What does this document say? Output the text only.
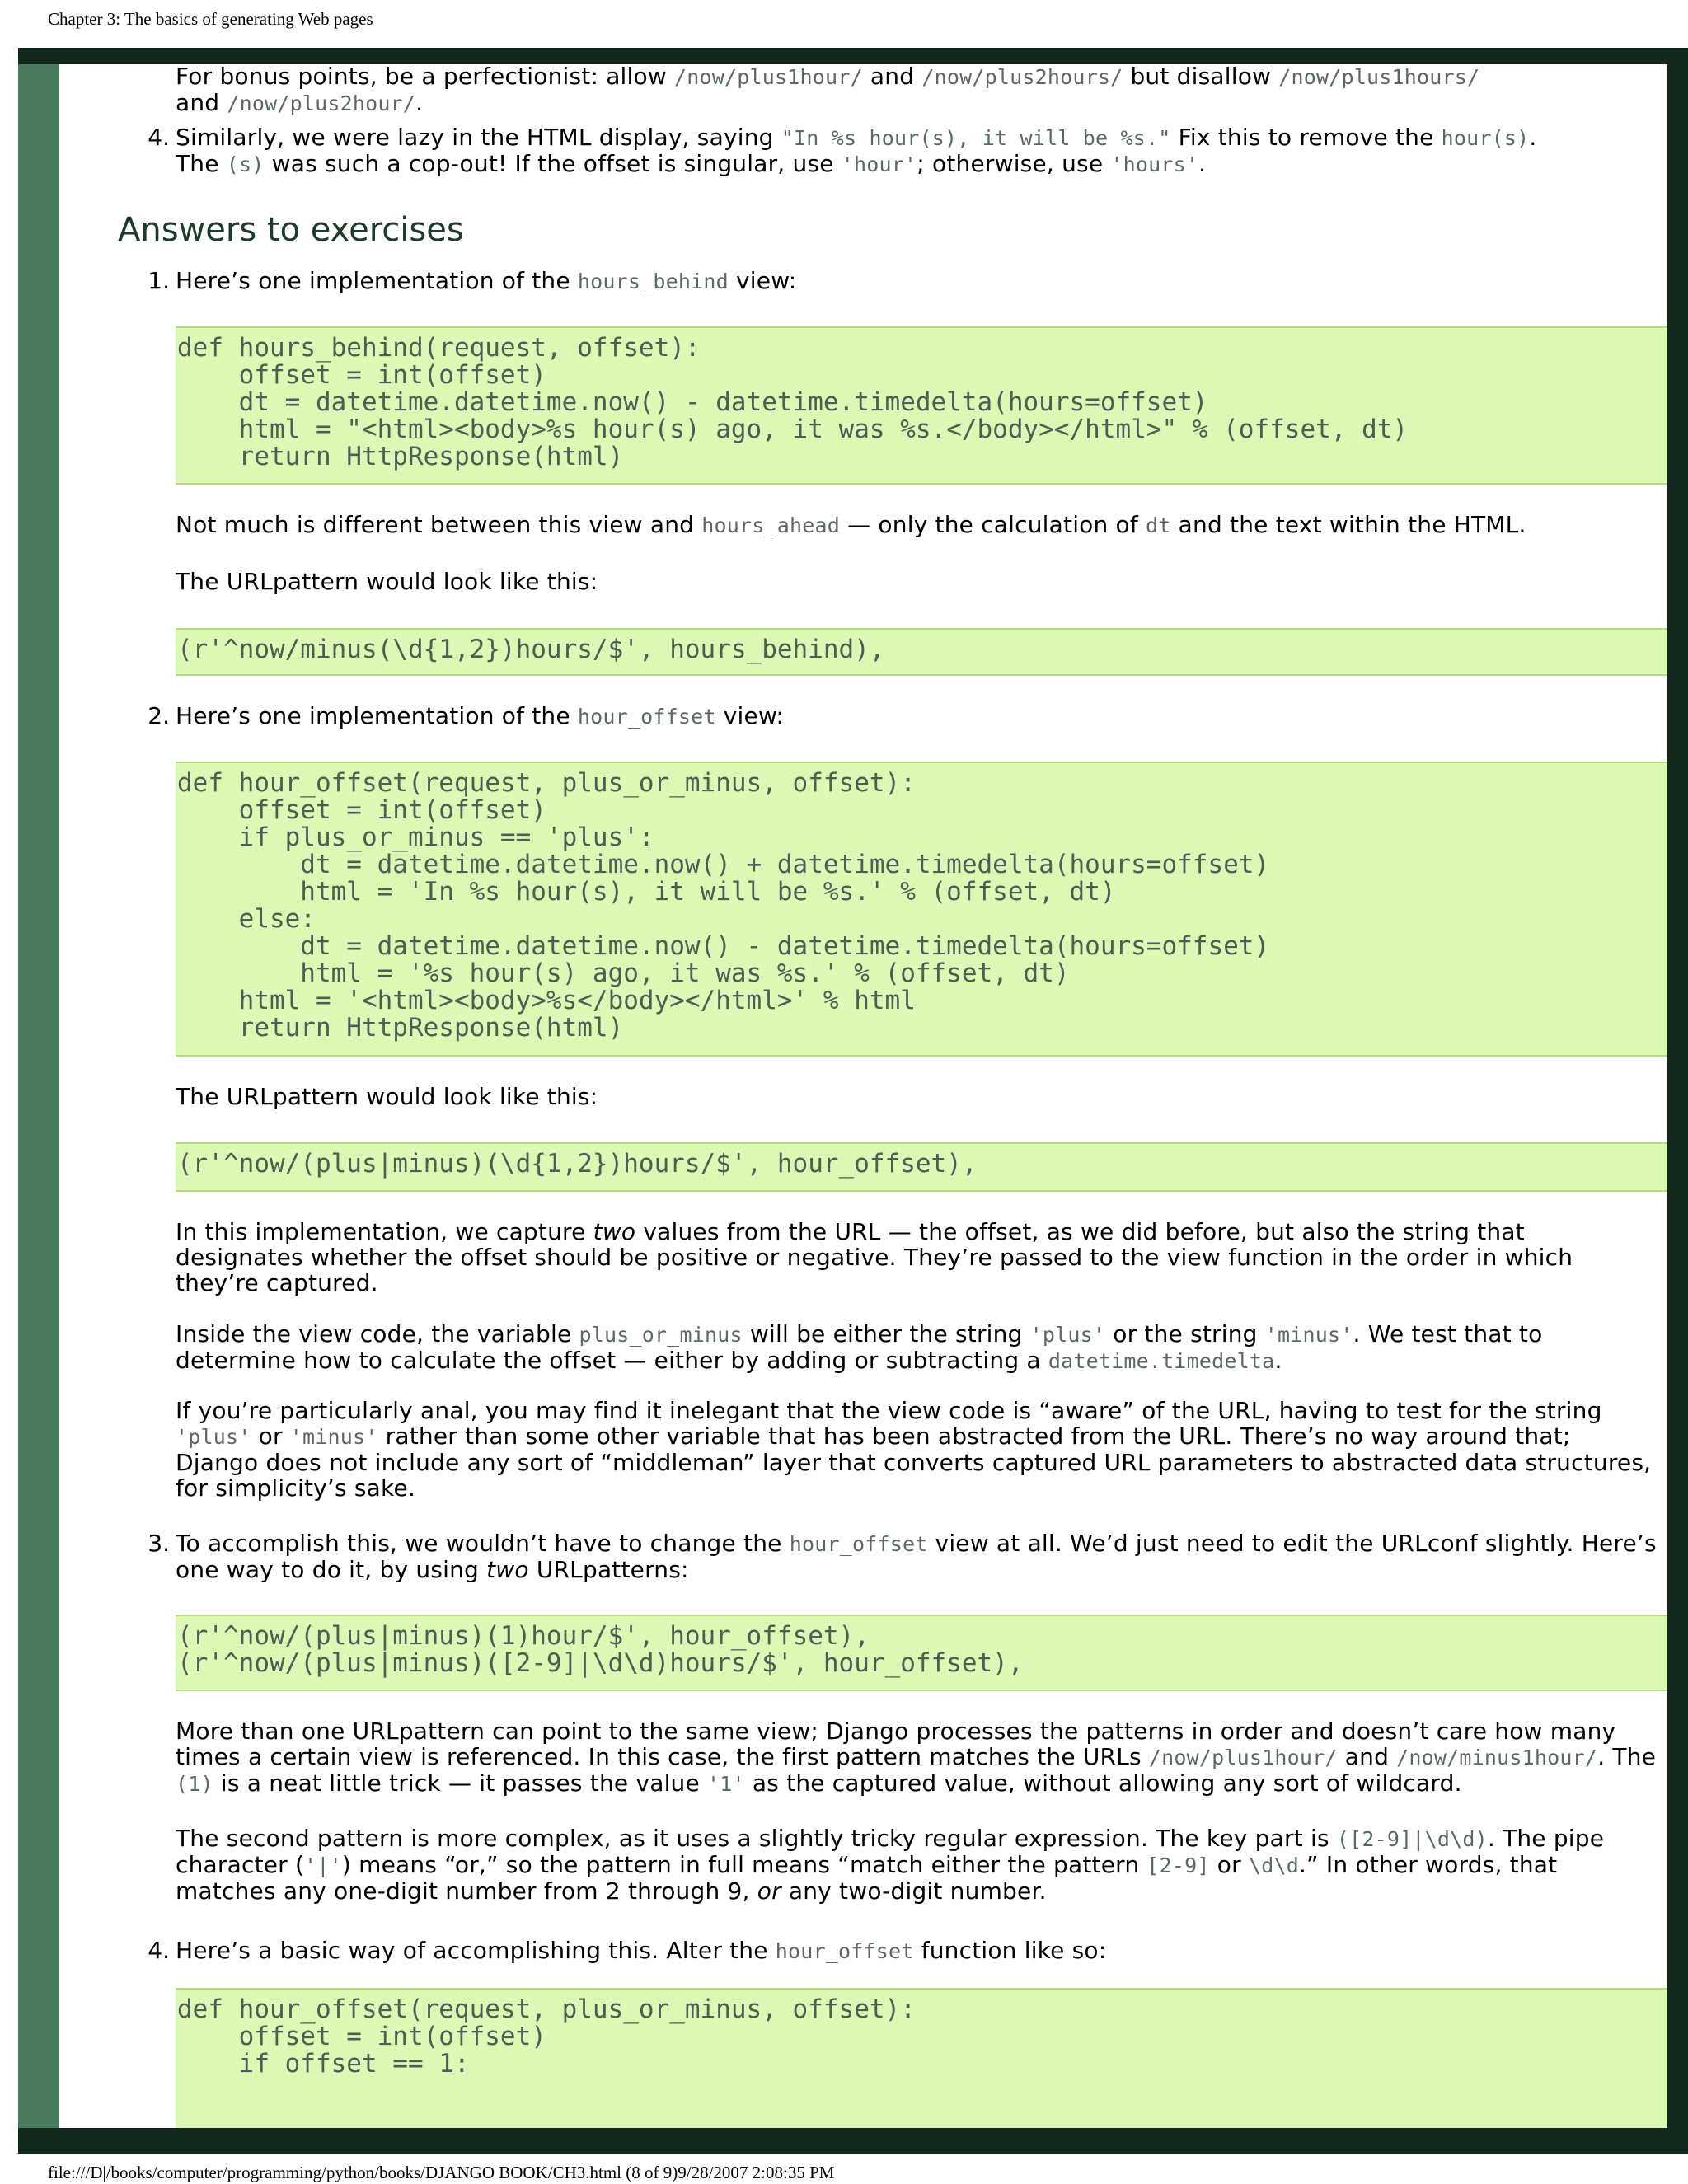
Chapter 3: The basics of generating Web pages
For bonus points, be a perfectionist: allow /now/plus1hour/ and /now/plus2hours/ but disallow /now/plus1hours/
and /now/plus2hour/.
4. Similarly, we were lazy in the HTML display, saying "In %s hour(s), it will be %s." Fix this to remove the hour(s).
The (s) was such a cop-out! If the offset is singular, use 'hour'; otherwise, use 'hours'.
Answers to exercises
1. Here’s one implementation of the hours_behind view:
def hours_behind(request, offset):
offset = int(offset)
dt = datetime.datetime.now() - datetime.timedelta(hours=offset)
html = "<html><body>%s hour(s) ago, it was %s.</body></html>" % (offset, dt)
return HttpResponse(html)
Not much is different between this view and hours_ahead — only the calculation of dt and the text within the HTML.
The URLpattern would look like this:
(r'^now/minus(\d{1,2})hours/$', hours_behind),
2. Here’s one implementation of the hour_offset view:
def hour_offset(request, plus_or_minus, offset):
offset = int(offset)
if plus_or_minus == 'plus':
dt = datetime.datetime.now() + datetime.timedelta(hours=offset)
html = 'In %s hour(s), it will be %s.' % (offset, dt)
else:
dt = datetime.datetime.now() - datetime.timedelta(hours=offset)
html = '%s hour(s) ago, it was %s.' % (offset, dt)
html = '<html><body>%s</body></html>' % html
return HttpResponse(html)
The URLpattern would look like this:
(r'^now/(plus|minus)(\d{1,2})hours/$', hour_offset),
In this implementation, we capture two values from the URL — the offset, as we did before, but also the string that designates whether the offset should be positive or negative. They’re passed to the view function in the order in which they’re captured.
Inside the view code, the variable plus_or_minus will be either the string 'plus' or the string 'minus'. We test that to determine how to calculate the offset — either by adding or subtracting a datetime.timedelta.
If you’re particularly anal, you may find it inelegant that the view code is “aware” of the URL, having to test for the string 'plus' or 'minus' rather than some other variable that has been abstracted from the URL. There’s no way around that; Django does not include any sort of “middleman” layer that converts captured URL parameters to abstracted data structures, for simplicity’s sake.
3. To accomplish this, we wouldn’t have to change the hour_offset view at all. We’d just need to edit the URLconf slightly. Here’s one way to do it, by using two URLpatterns:
(r'^now/(plus|minus)(1)hour/$', hour_offset),
(r'^now/(plus|minus)([2-9]|\d\d)hours/$', hour_offset),
More than one URLpattern can point to the same view; Django processes the patterns in order and doesn’t care how many times a certain view is referenced. In this case, the first pattern matches the URLs /now/plus1hour/ and /now/minus1hour/. The (1) is a neat little trick — it passes the value '1' as the captured value, without allowing any sort of wildcard.
The second pattern is more complex, as it uses a slightly tricky regular expression. The key part is ([2-9]|\d\d). The pipe character ('|') means “or,” so the pattern in full means “match either the pattern [2-9] or \d\d.” In other words, that matches any one-digit number from 2 through 9, or any two-digit number.
4. Here’s a basic way of accomplishing this. Alter the hour_offset function like so:
def hour_offset(request, plus_or_minus, offset):
offset = int(offset)
if offset == 1:
file:///D|/books/computer/programming/python/books/DJANGO BOOK/CH3.html (8 of 9)9/28/2007 2:08:35 PM
